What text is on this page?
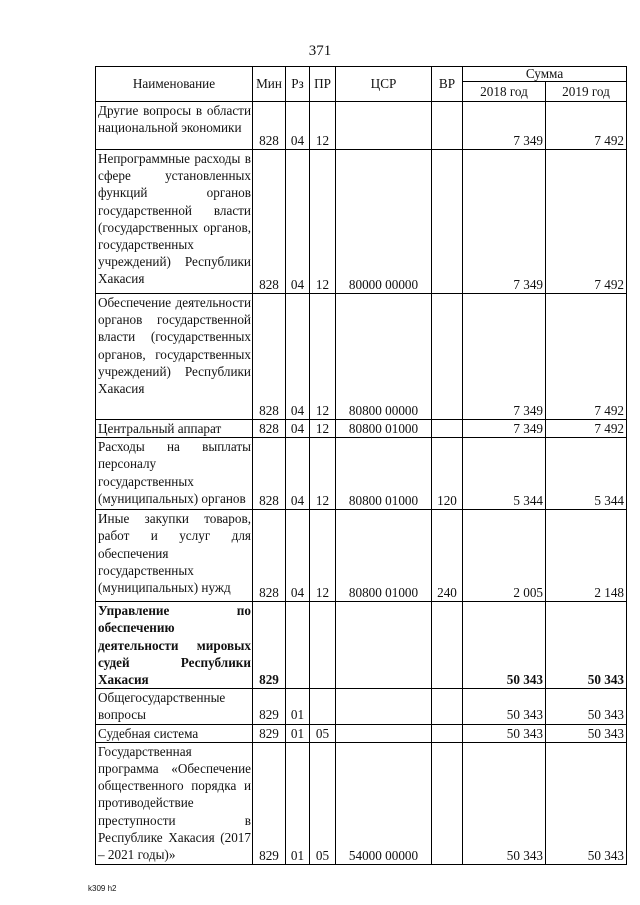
371
Наименование	Мин	Рз	ПР	ЦСР	ВР	Сумма	
						2018 год	2019 год
Другие вопросы в области национальной экономики	828	04	12			7 349	7 492
Непрограммные расходы в сфере установленных функций органов государственной власти (государственных органов, государственных учреждений) Республики Хакасия	828	04	12	80000 00000		7 349	7 492
Обеспечение деятельности органов государственной власти (государственных органов, государственных учреждений) Республики Хакасия	828	04	12	80800 00000		7 349	7 492
Центральный аппарат	828	04	12	80800 01000		7 349	7 492
Расходы на выплаты персоналу государственных (муниципальных) органов	828	04	12	80800 01000	120	5 344	5 344
Иные закупки товаров, работ и услуг для обеспечения государственных (муниципальных) нужд	828	04	12	80800 01000	240	2 005	2 148
Управление по обеспечению деятельности мировых судей Республики Хакасия	829					50 343	50 343
Общегосударственные вопросы	829	01				50 343	50 343
Судебная система	829	01	05			50 343	50 343
Государственная программа «Обеспечение общественного порядка и противодействие преступности в Республике Хакасия (2017 – 2021 годы)»	829	01	05	54000 00000		50 343	50 343
k309 h2
